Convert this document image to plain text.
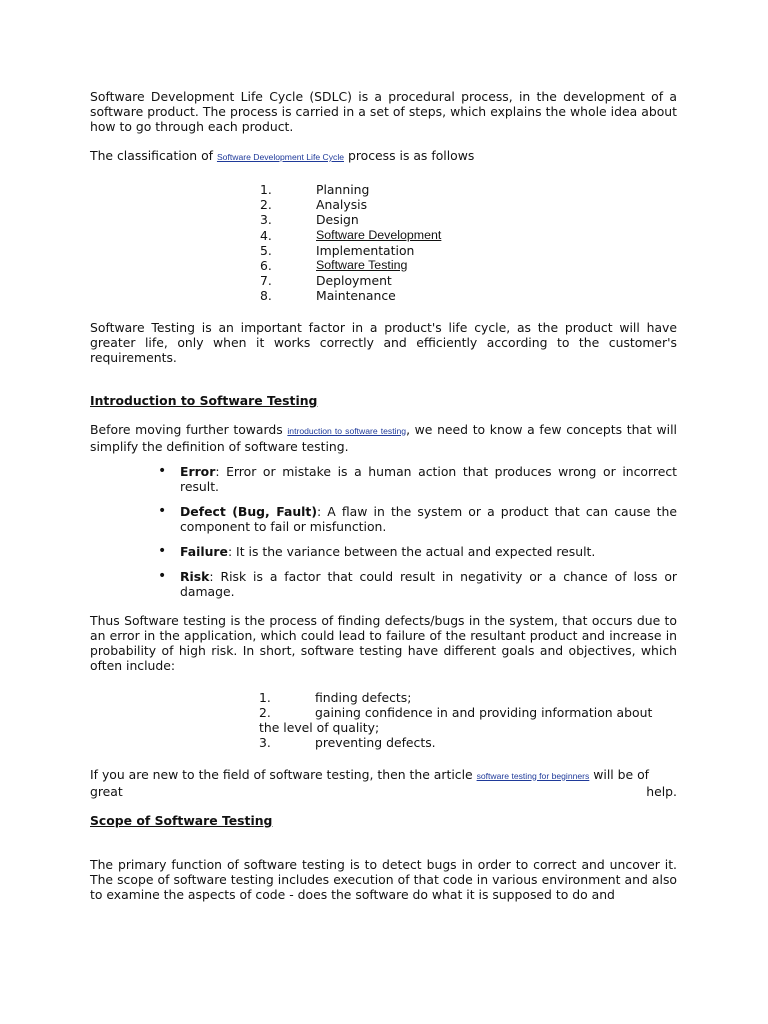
Software Development Life Cycle (SDLC) is a procedural process, in the development of a software product. The process is carried in a set of steps, which explains the whole idea about how to go through each product.

The classification of Software Development Life Cycle process is as follows

1.	Planning
2.	Analysis
3.	Design
4.	Software Development
5.	Implementation
6.	Software Testing
7.	Deployment
8.	Maintenance

Software Testing is an important factor in a product's life cycle, as the product will have greater life, only when it works correctly and efficiently according to the customer's requirements.

Introduction to Software Testing

Before moving further towards introduction to software testing, we need to know a few concepts that will simplify the definition of software testing.

• Error: Error or mistake is a human action that produces wrong or incorrect result.
• Defect (Bug, Fault): A flaw in the system or a product that can cause the component to fail or misfunction.
• Failure: It is the variance between the actual and expected result.
• Risk: Risk is a factor that could result in negativity or a chance of loss or damage.

Thus Software testing is the process of finding defects/bugs in the system, that occurs due to an error in the application, which could lead to failure of the resultant product and increase in probability of high risk. In short, software testing have different goals and objectives, which often include:

1.	finding defects;
2.	gaining confidence in and providing information about
the level of quality;
3.	preventing defects.

If you are new to the field of software testing, then the article software testing for beginners will be of

great	help.

Scope of Software Testing

The primary function of software testing is to detect bugs in order to correct and uncover it. The scope of software testing includes execution of that code in various environment and also to examine the aspects of code - does the software do what it is supposed to do and
